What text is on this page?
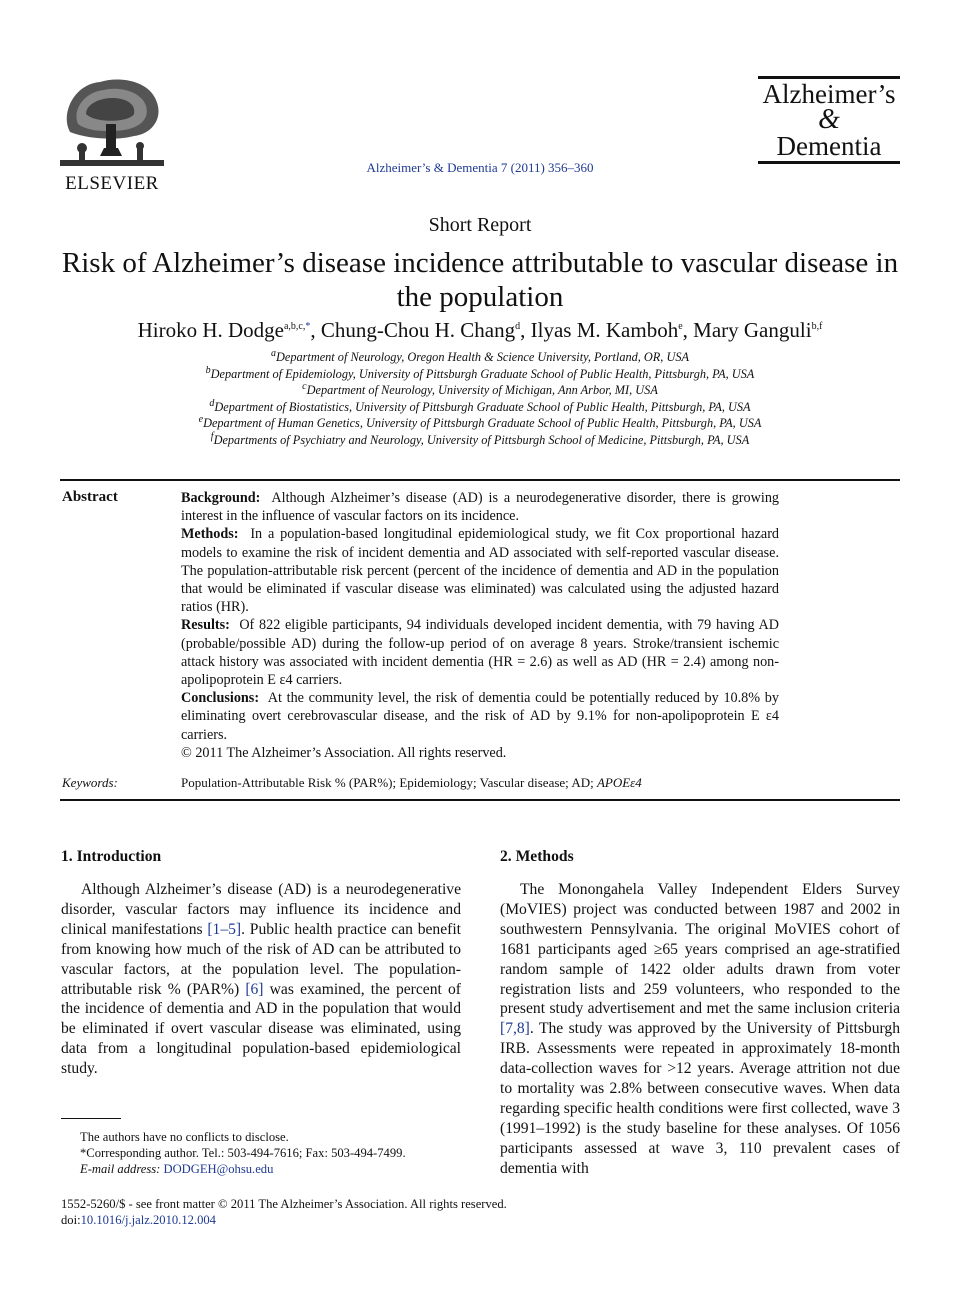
ELSEVIER
Alzheimer’s & Dementia 7 (2011) 356–360
Alzheimer’s
&
Dementia
Short Report
Risk of Alzheimer’s disease incidence attributable to vascular disease in the population
Hiroko H. Dodge$^{a,b,c,*}$, Chung-Chou H. Chang$^d$, Ilyas M. Kamboh$^e$, Mary Ganguli$^{b,f}$
$^a$Department of Neurology, Oregon Health & Science University, Portland, OR, USA
$^b$Department of Epidemiology, University of Pittsburgh Graduate School of Public Health, Pittsburgh, PA, USA
$^c$Department of Neurology, University of Michigan, Ann Arbor, MI, USA
$^d$Department of Biostatistics, University of Pittsburgh Graduate School of Public Health, Pittsburgh, PA, USA
$^e$Department of Human Genetics, University of Pittsburgh Graduate School of Public Health, Pittsburgh, PA, USA
$^f$Departments of Psychiatry and Neurology, University of Pittsburgh School of Medicine, Pittsburgh, PA, USA
Abstract	Background: Although Alzheimer’s disease (AD) is a neurodegenerative disorder, there is growing interest in the influence of vascular factors on its incidence.

Methods: In a population-based longitudinal epidemiological study, we fit Cox proportional hazard models to examine the risk of incident dementia and AD associated with self-reported vascular disease. The population-attributable risk percent (percent of the incidence of dementia and AD in the population that would be eliminated if vascular disease was eliminated) was calculated using the adjusted hazard ratios (HR).

Results: Of 822 eligible participants, 94 individuals developed incident dementia, with 79 having AD (probable/possible AD) during the follow-up period of on average 8 years. Stroke/transient ischemic attack history was associated with incident dementia (HR = 2.6) as well as AD (HR = 2.4) among non-apolipoprotein E ε4 carriers.

Conclusions: At the community level, the risk of dementia could be potentially reduced by 10.8% by eliminating overt cerebrovascular disease, and the risk of AD by 9.1% for non-apolipoprotein E ε4 carriers.

© 2011 The Alzheimer’s Association. All rights reserved.

Keywords:	Population-Attributable Risk % (PAR%); Epidemiology; Vascular disease; AD; APOEε4
1. Introduction

Although Alzheimer’s disease (AD) is a neurodegenerative disorder, vascular factors may influence its incidence and clinical manifestations [1–5]. Public health practice can benefit from knowing how much of the risk of AD can be attributed to vascular factors, at the population level. The population-attributable risk % (PAR%) [6] was examined, the percent of the incidence of dementia and AD in the population that would be eliminated if overt vascular disease was eliminated, using data from a longitudinal population-based epidemiological study.

2. Methods

The Monongahela Valley Independent Elders Survey (MoVIES) project was conducted between 1987 and 2002 in southwestern Pennsylvania. The original MoVIES cohort of 1681 participants aged ≥65 years comprised an age-stratified random sample of 1422 older adults drawn from voter registration lists and 259 volunteers, who responded to the present study advertisement and met the same inclusion criteria [7,8]. The study was approved by the University of Pittsburgh IRB. Assessments were repeated in approximately 18-month data-collection waves for >12 years. Average attrition not due to mortality was 2.8% between consecutive waves. When data regarding specific health conditions were first collected, wave 3 (1991–1992) is the study baseline for these analyses. Of 1056 participants assessed at wave 3, 110 prevalent cases of dementia with

The authors have no conflicts to disclose.
*Corresponding author. Tel.: 503-494-7616; Fax: 503-494-7499.
E-mail address: DODGEH@ohsu.edu
1552-5260/$ - see front matter © 2011 The Alzheimer’s Association. All rights reserved.
doi:10.1016/j.jalz.2010.12.004
